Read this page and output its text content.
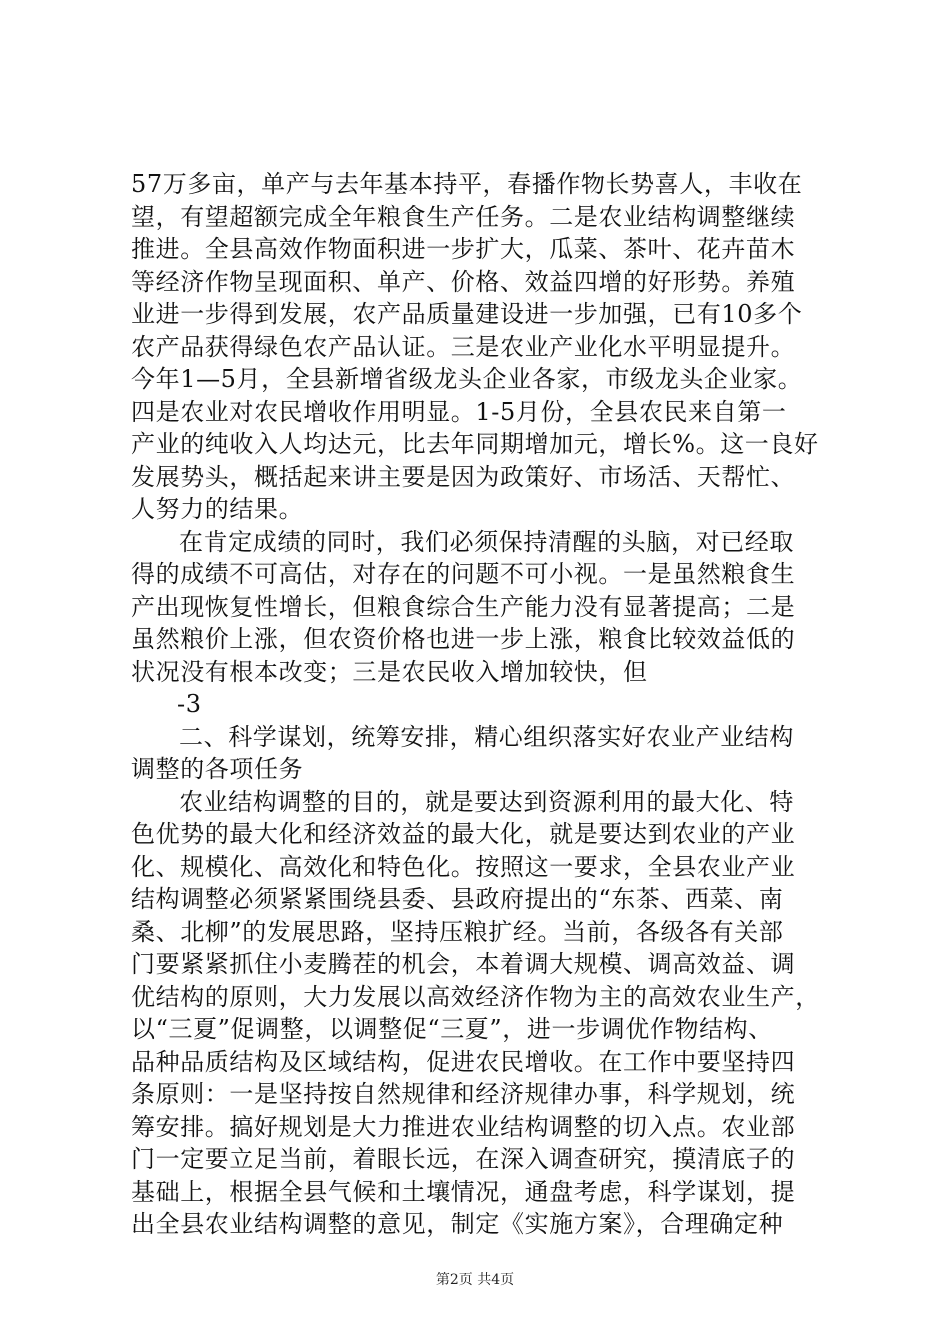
57万多亩，单产与去年基本持平，春播作物长势喜人，丰收在
望，有望超额完成全年粮食生产任务。二是农业结构调整继续
推进。全县高效作物面积进一步扩大，瓜菜、茶叶、花卉苗木
等经济作物呈现面积、单产、价格、效益四增的好形势。养殖
业进一步得到发展，农产品质量建设进一步加强，已有10多个
农产品获得绿色农产品认证。三是农业产业化水平明显提升。
今年1—5月，全县新增省级龙头企业各家，市级龙头企业家。
四是农业对农民增收作用明显。1-5月份，全县农民来自第一
产业的纯收入人均达元，比去年同期增加元，增长%。这一良好
发展势头，概括起来讲主要是因为政策好、市场活、天帮忙、
人努力的结果。
在肯定成绩的同时，我们必须保持清醒的头脑，对已经取
得的成绩不可高估，对存在的问题不可小视。一是虽然粮食生
产出现恢复性增长，但粮食综合生产能力没有显著提高；二是
虽然粮价上涨，但农资价格也进一步上涨，粮食比较效益低的
状况没有根本改变；三是农民收入增加较快，但
-3
二、科学谋划，统筹安排，精心组织落实好农业产业结构
调整的各项任务
农业结构调整的目的，就是要达到资源利用的最大化、特
色优势的最大化和经济效益的最大化，就是要达到农业的产业
化、规模化、高效化和特色化。按照这一要求，全县农业产业
结构调整必须紧紧围绕县委、县政府提出的“东茶、西菜、南
桑、北柳”的发展思路，坚持压粮扩经。当前，各级各有关部
门要紧紧抓住小麦腾茬的机会，本着调大规模、调高效益、调
优结构的原则，大力发展以高效经济作物为主的高效农业生产，
以“三夏”促调整，以调整促“三夏”，进一步调优作物结构、
品种品质结构及区域结构，促进农民增收。在工作中要坚持四
条原则：一是坚持按自然规律和经济规律办事，科学规划，统
筹安排。搞好规划是大力推进农业结构调整的切入点。农业部
门一定要立足当前，着眼长远，在深入调查研究，摸清底子的
基础上，根据全县气候和土壤情况，通盘考虑，科学谋划，提
出全县农业结构调整的意见，制定《实施方案》，合理确定种
第2页 共4页
